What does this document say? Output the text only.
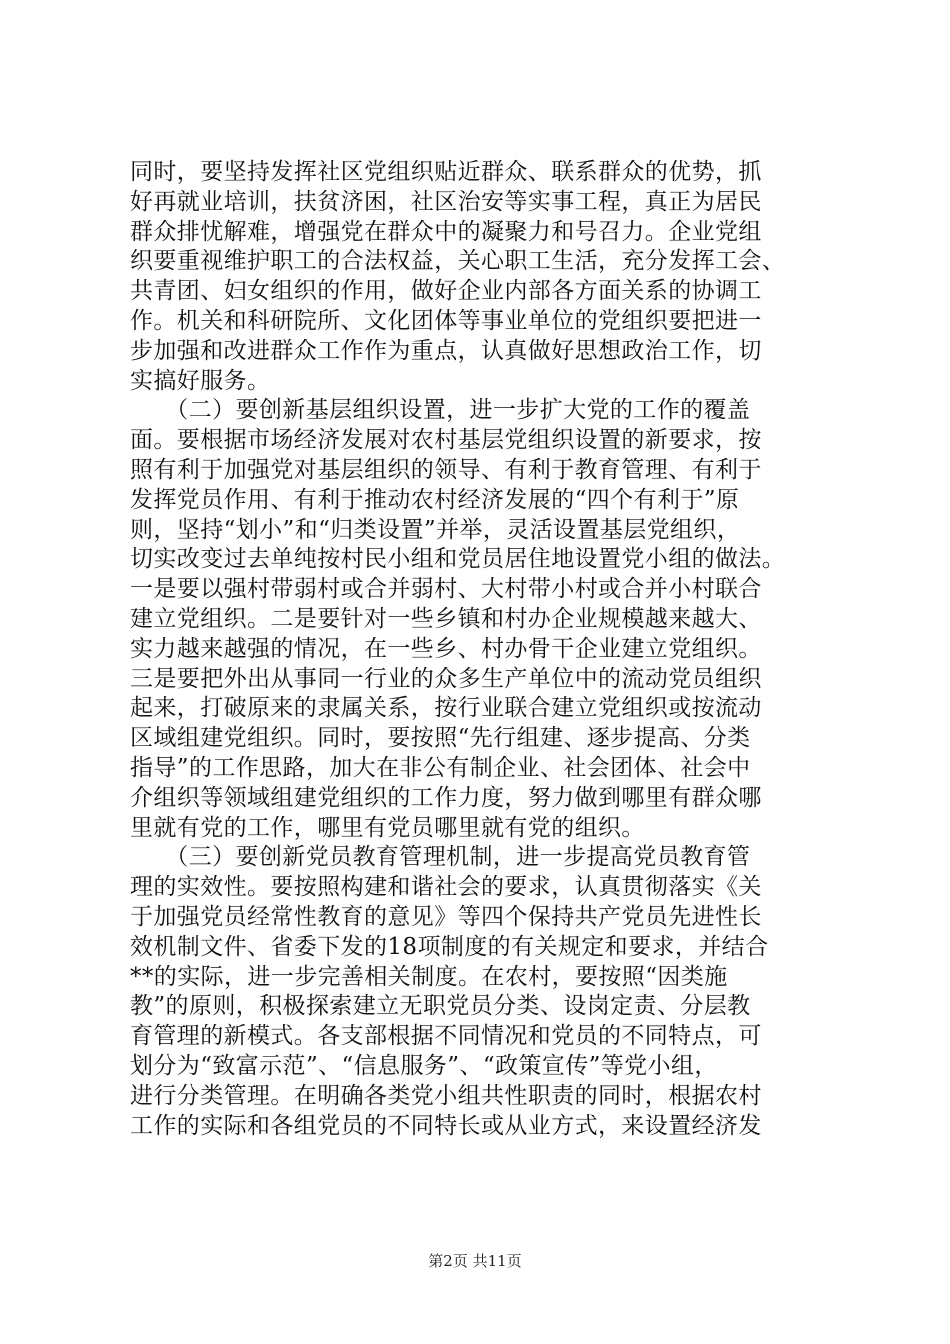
同时，要坚持发挥社区党组织贴近群众、联系群众的优势，抓
好再就业培训，扶贫济困，社区治安等实事工程，真正为居民
群众排忧解难，增强党在群众中的凝聚力和号召力。企业党组
织要重视维护职工的合法权益，关心职工生活，充分发挥工会、
共青团、妇女组织的作用，做好企业内部各方面关系的协调工
作。机关和科研院所、文化团体等事业单位的党组织要把进一
步加强和改进群众工作作为重点，认真做好思想政治工作，切
实搞好服务。
　　（二）要创新基层组织设置，进一步扩大党的工作的覆盖
面。要根据市场经济发展对农村基层党组织设置的新要求，按
照有利于加强党对基层组织的领导、有利于教育管理、有利于
发挥党员作用、有利于推动农村经济发展的“四个有利于”原
则，坚持“划小”和“归类设置”并举，灵活设置基层党组织，
切实改变过去单纯按村民小组和党员居住地设置党小组的做法。
一是要以强村带弱村或合并弱村、大村带小村或合并小村联合
建立党组织。二是要针对一些乡镇和村办企业规模越来越大、
实力越来越强的情况，在一些乡、村办骨干企业建立党组织。
三是要把外出从事同一行业的众多生产单位中的流动党员组织
起来，打破原来的隶属关系，按行业联合建立党组织或按流动
区域组建党组织。同时，要按照“先行组建、逐步提高、分类
指导”的工作思路，加大在非公有制企业、社会团体、社会中
介组织等领域组建党组织的工作力度，努力做到哪里有群众哪
里就有党的工作，哪里有党员哪里就有党的组织。
　　（三）要创新党员教育管理机制，进一步提高党员教育管
理的实效性。要按照构建和谐社会的要求，认真贯彻落实《关
于加强党员经常性教育的意见》等四个保持共产党员先进性长
效机制文件、省委下发的18项制度的有关规定和要求，并结合
**的实际，进一步完善相关制度。在农村，要按照“因类施
教”的原则，积极探索建立无职党员分类、设岗定责、分层教
育管理的新模式。各支部根据不同情况和党员的不同特点，可
划分为“致富示范”、“信息服务”、“政策宣传”等党小组，
进行分类管理。在明确各类党小组共性职责的同时，根据农村
工作的实际和各组党员的不同特长或从业方式，来设置经济发
第2页 共11页
